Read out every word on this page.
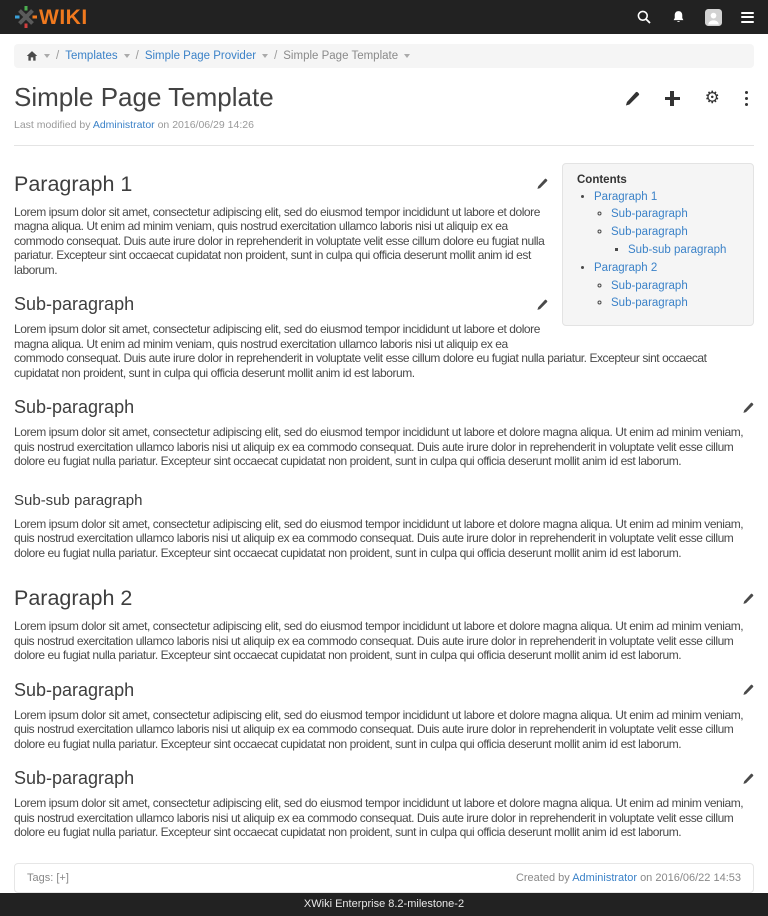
WIKI
/ Templates / Simple Page Provider / Simple Page Template
Simple Page Template	⚙
Last modified by Administrator on 2016/06/29 14:26
Contents
• Paragraph 1
◦ Sub-paragraph
◦ Sub-paragraph
▪ Sub-sub paragraph
• Paragraph 2
◦ Sub-paragraph
◦ Sub-paragraph
Paragraph 1

Lorem ipsum dolor sit amet, consectetur adipiscing elit, sed do eiusmod tempor incididunt ut labore et dolore magna aliqua. Ut enim ad minim veniam, quis nostrud exercitation ullamco laboris nisi ut aliquip ex ea commodo consequat. Duis aute irure dolor in reprehenderit in voluptate velit esse cillum dolore eu fugiat nulla pariatur. Excepteur sint occaecat cupidatat non proident, sunt in culpa qui officia deserunt mollit anim id est laborum.

Sub-paragraph

Lorem ipsum dolor sit amet, consectetur adipiscing elit, sed do eiusmod tempor incididunt ut labore et dolore magna aliqua. Ut enim ad minim veniam, quis nostrud exercitation ullamco laboris nisi ut aliquip ex ea commodo consequat. Duis aute irure dolor in reprehenderit in voluptate velit esse cillum dolore eu fugiat nulla pariatur. Excepteur sint occaecat cupidatat non proident, sunt in culpa qui officia deserunt mollit anim id est laborum.

Sub-paragraph

Lorem ipsum dolor sit amet, consectetur adipiscing elit, sed do eiusmod tempor incididunt ut labore et dolore magna aliqua. Ut enim ad minim veniam, quis nostrud exercitation ullamco laboris nisi ut aliquip ex ea commodo consequat. Duis aute irure dolor in reprehenderit in voluptate velit esse cillum dolore eu fugiat nulla pariatur. Excepteur sint occaecat cupidatat non proident, sunt in culpa qui officia deserunt mollit anim id est laborum.

Sub-sub paragraph

Lorem ipsum dolor sit amet, consectetur adipiscing elit, sed do eiusmod tempor incididunt ut labore et dolore magna aliqua. Ut enim ad minim veniam, quis nostrud exercitation ullamco laboris nisi ut aliquip ex ea commodo consequat. Duis aute irure dolor in reprehenderit in voluptate velit esse cillum dolore eu fugiat nulla pariatur. Excepteur sint occaecat cupidatat non proident, sunt in culpa qui officia deserunt mollit anim id est laborum.

Paragraph 2

Lorem ipsum dolor sit amet, consectetur adipiscing elit, sed do eiusmod tempor incididunt ut labore et dolore magna aliqua. Ut enim ad minim veniam, quis nostrud exercitation ullamco laboris nisi ut aliquip ex ea commodo consequat. Duis aute irure dolor in reprehenderit in voluptate velit esse cillum dolore eu fugiat nulla pariatur. Excepteur sint occaecat cupidatat non proident, sunt in culpa qui officia deserunt mollit anim id est laborum.

Sub-paragraph

Lorem ipsum dolor sit amet, consectetur adipiscing elit, sed do eiusmod tempor incididunt ut labore et dolore magna aliqua. Ut enim ad minim veniam, quis nostrud exercitation ullamco laboris nisi ut aliquip ex ea commodo consequat. Duis aute irure dolor in reprehenderit in voluptate velit esse cillum dolore eu fugiat nulla pariatur. Excepteur sint occaecat cupidatat non proident, sunt in culpa qui officia deserunt mollit anim id est laborum.

Sub-paragraph

Lorem ipsum dolor sit amet, consectetur adipiscing elit, sed do eiusmod tempor incididunt ut labore et dolore magna aliqua. Ut enim ad minim veniam, quis nostrud exercitation ullamco laboris nisi ut aliquip ex ea commodo consequat. Duis aute irure dolor in reprehenderit in voluptate velit esse cillum dolore eu fugiat nulla pariatur. Excepteur sint occaecat cupidatat non proident, sunt in culpa qui officia deserunt mollit anim id est laborum.

Tags: [+]	Created by Administrator on 2016/06/22 14:53
XWiki Enterprise 8.2-milestone-2
